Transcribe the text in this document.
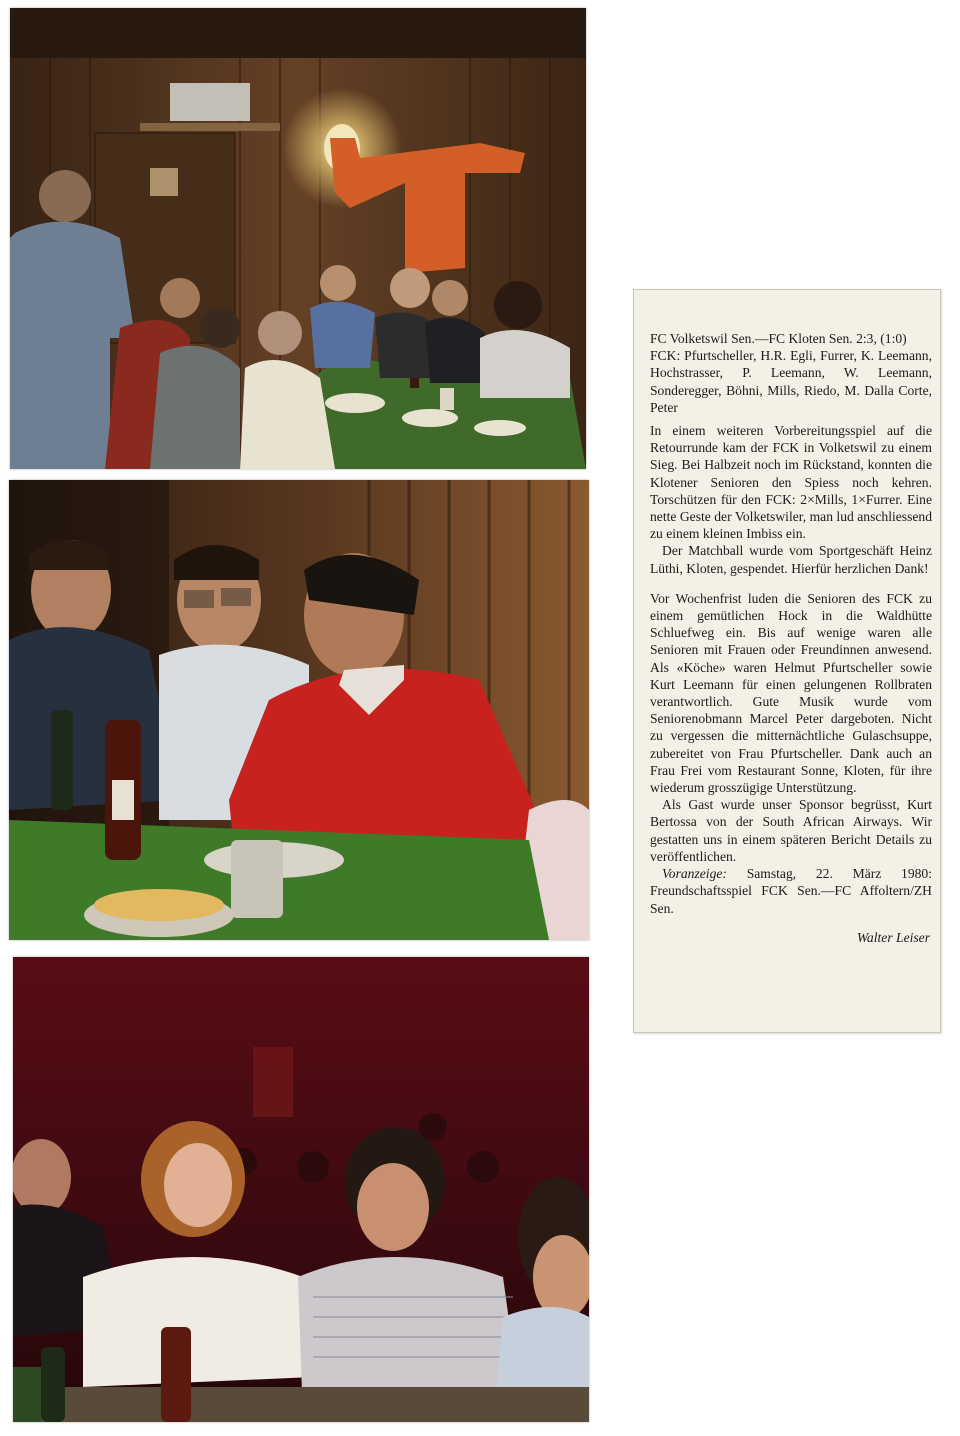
FC Volketswil Sen.—FC Kloten Sen. 2:3, (1:0)

FCK: Pfurtscheller, H.R. Egli, Furrer, K. Leemann, Hochstrasser, P. Leemann, W. Leemann, Sonderegger, Böhni, Mills, Riedo, M. Dalla Corte, Peter

In einem weiteren Vorbereitungsspiel auf die Retourrunde kam der FCK in Volketswil zu einem Sieg. Bei Halbzeit noch im Rückstand, konnten die Klotener Senioren den Spiess noch kehren. Torschützen für den FCK: 2×Mills, 1×Furrer. Eine nette Geste der Volketswiler, man lud anschliessend zu einem kleinen Imbiss ein.

Der Matchball wurde vom Sportgeschäft Heinz Lüthi, Kloten, gespendet. Hierfür herzlichen Dank!

Vor Wochenfrist luden die Senioren des FCK zu einem gemütlichen Hock in die Waldhütte Schluefweg ein. Bis auf wenige waren alle Senioren mit Frauen oder Freundinnen anwesend. Als «Köche» waren Helmut Pfurtscheller sowie Kurt Leemann für einen gelungenen Rollbraten verantwortlich. Gute Musik wurde vom Seniorenobmann Marcel Peter dargeboten. Nicht zu vergessen die mitternächtliche Gulaschsuppe, zubereitet von Frau Pfurtscheller. Dank auch an Frau Frei vom Restaurant Sonne, Kloten, für ihre wiederum grosszügige Unterstützung.

Als Gast wurde unser Sponsor begrüsst, Kurt Bertossa von der South African Airways. Wir gestatten uns in einem späteren Bericht Details zu veröffentlichen.

Voranzeige: Samstag, 22. März 1980: Freundschaftsspiel FCK Sen.—FC Affoltern/ZH Sen.

Walter Leiser
